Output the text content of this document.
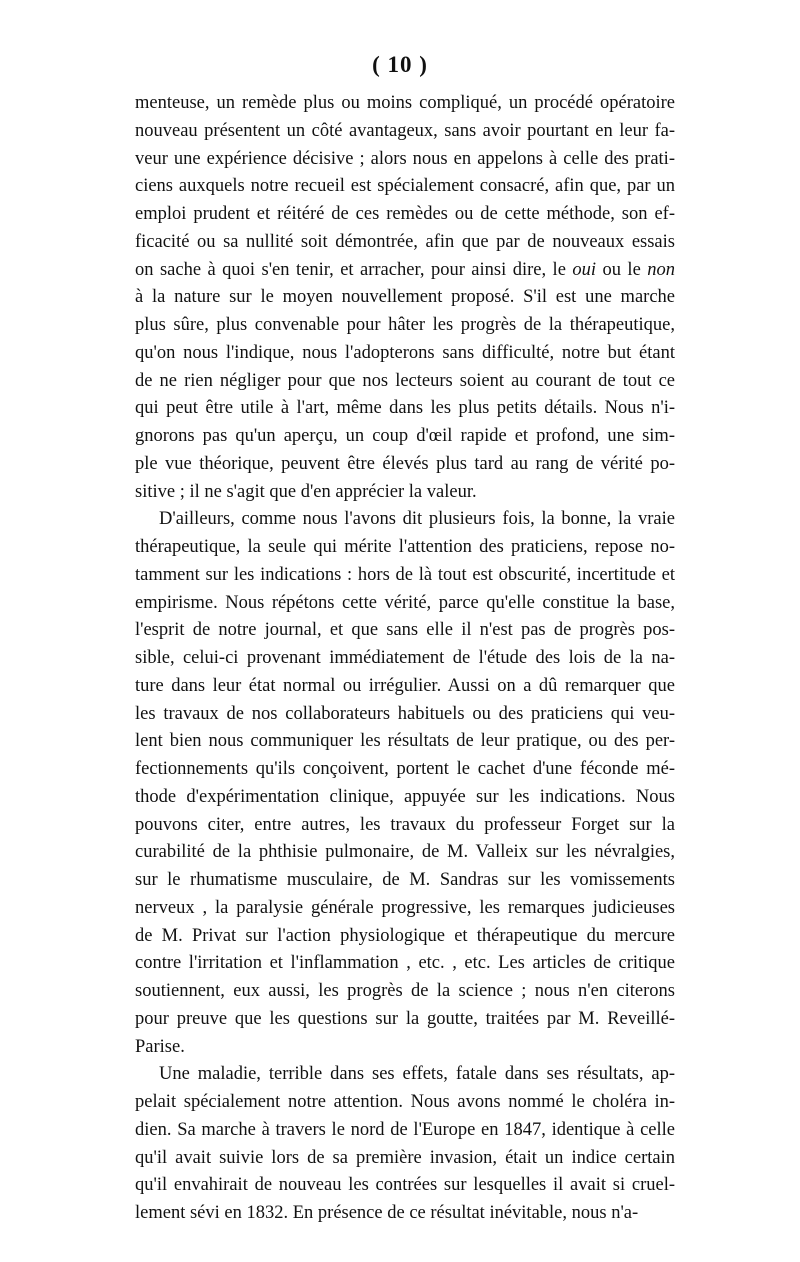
( 10 )
menteuse, un remède plus ou moins compliqué, un procédé opératoire
nouveau présentent un côté avantageux, sans avoir pourtant en leur fa-
veur une expérience décisive ; alors nous en appelons à celle des prati-
ciens auxquels notre recueil est spécialement consacré, afin que, par un
emploi prudent et réitéré de ces remèdes ou de cette méthode, son ef-
ficacité ou sa nullité soit démontrée, afin que par de nouveaux essais
on sache à quoi s'en tenir, et arracher, pour ainsi dire, le oui ou le non
à la nature sur le moyen nouvellement proposé. S'il est une marche
plus sûre, plus convenable pour hâter les progrès de la thérapeutique,
qu'on nous l'indique, nous l'adopterons sans difficulté, notre but étant
de ne rien négliger pour que nos lecteurs soient au courant de tout ce
qui peut être utile à l'art, même dans les plus petits détails. Nous n'i-
gnorons pas qu'un aperçu, un coup d'œil rapide et profond, une sim-
ple vue théorique, peuvent être élevés plus tard au rang de vérité po-
sitive ; il ne s'agit que d'en apprécier la valeur.
D'ailleurs, comme nous l'avons dit plusieurs fois, la bonne, la vraie
thérapeutique, la seule qui mérite l'attention des praticiens, repose no-
tamment sur les indications : hors de là tout est obscurité, incertitude et
empirisme. Nous répétons cette vérité, parce qu'elle constitue la base,
l'esprit de notre journal, et que sans elle il n'est pas de progrès pos-
sible, celui-ci provenant immédiatement de l'étude des lois de la na-
ture dans leur état normal ou irrégulier. Aussi on a dû remarquer que
les travaux de nos collaborateurs habituels ou des praticiens qui veu-
lent bien nous communiquer les résultats de leur pratique, ou des per-
fectionnements qu'ils conçoivent, portent le cachet d'une féconde mé-
thode d'expérimentation clinique, appuyée sur les indications. Nous
pouvons citer, entre autres, les travaux du professeur Forget sur la
curabilité de la phthisie pulmonaire, de M. Valleix sur les névralgies,
sur le rhumatisme musculaire, de M. Sandras sur les vomissements
nerveux , la paralysie générale progressive, les remarques judicieuses
de M. Privat sur l'action physiologique et thérapeutique du mercure
contre l'irritation et l'inflammation , etc. , etc. Les articles de critique
soutiennent, eux aussi, les progrès de la science ; nous n'en citerons
pour preuve que les questions sur la goutte, traitées par M. Reveillé-
Parise.
Une maladie, terrible dans ses effets, fatale dans ses résultats, ap-
pelait spécialement notre attention. Nous avons nommé le choléra in-
dien. Sa marche à travers le nord de l'Europe en 1847, identique à celle
qu'il avait suivie lors de sa première invasion, était un indice certain
qu'il envahirait de nouveau les contrées sur lesquelles il avait si cruel-
lement sévi en 1832. En présence de ce résultat inévitable, nous n'a-
